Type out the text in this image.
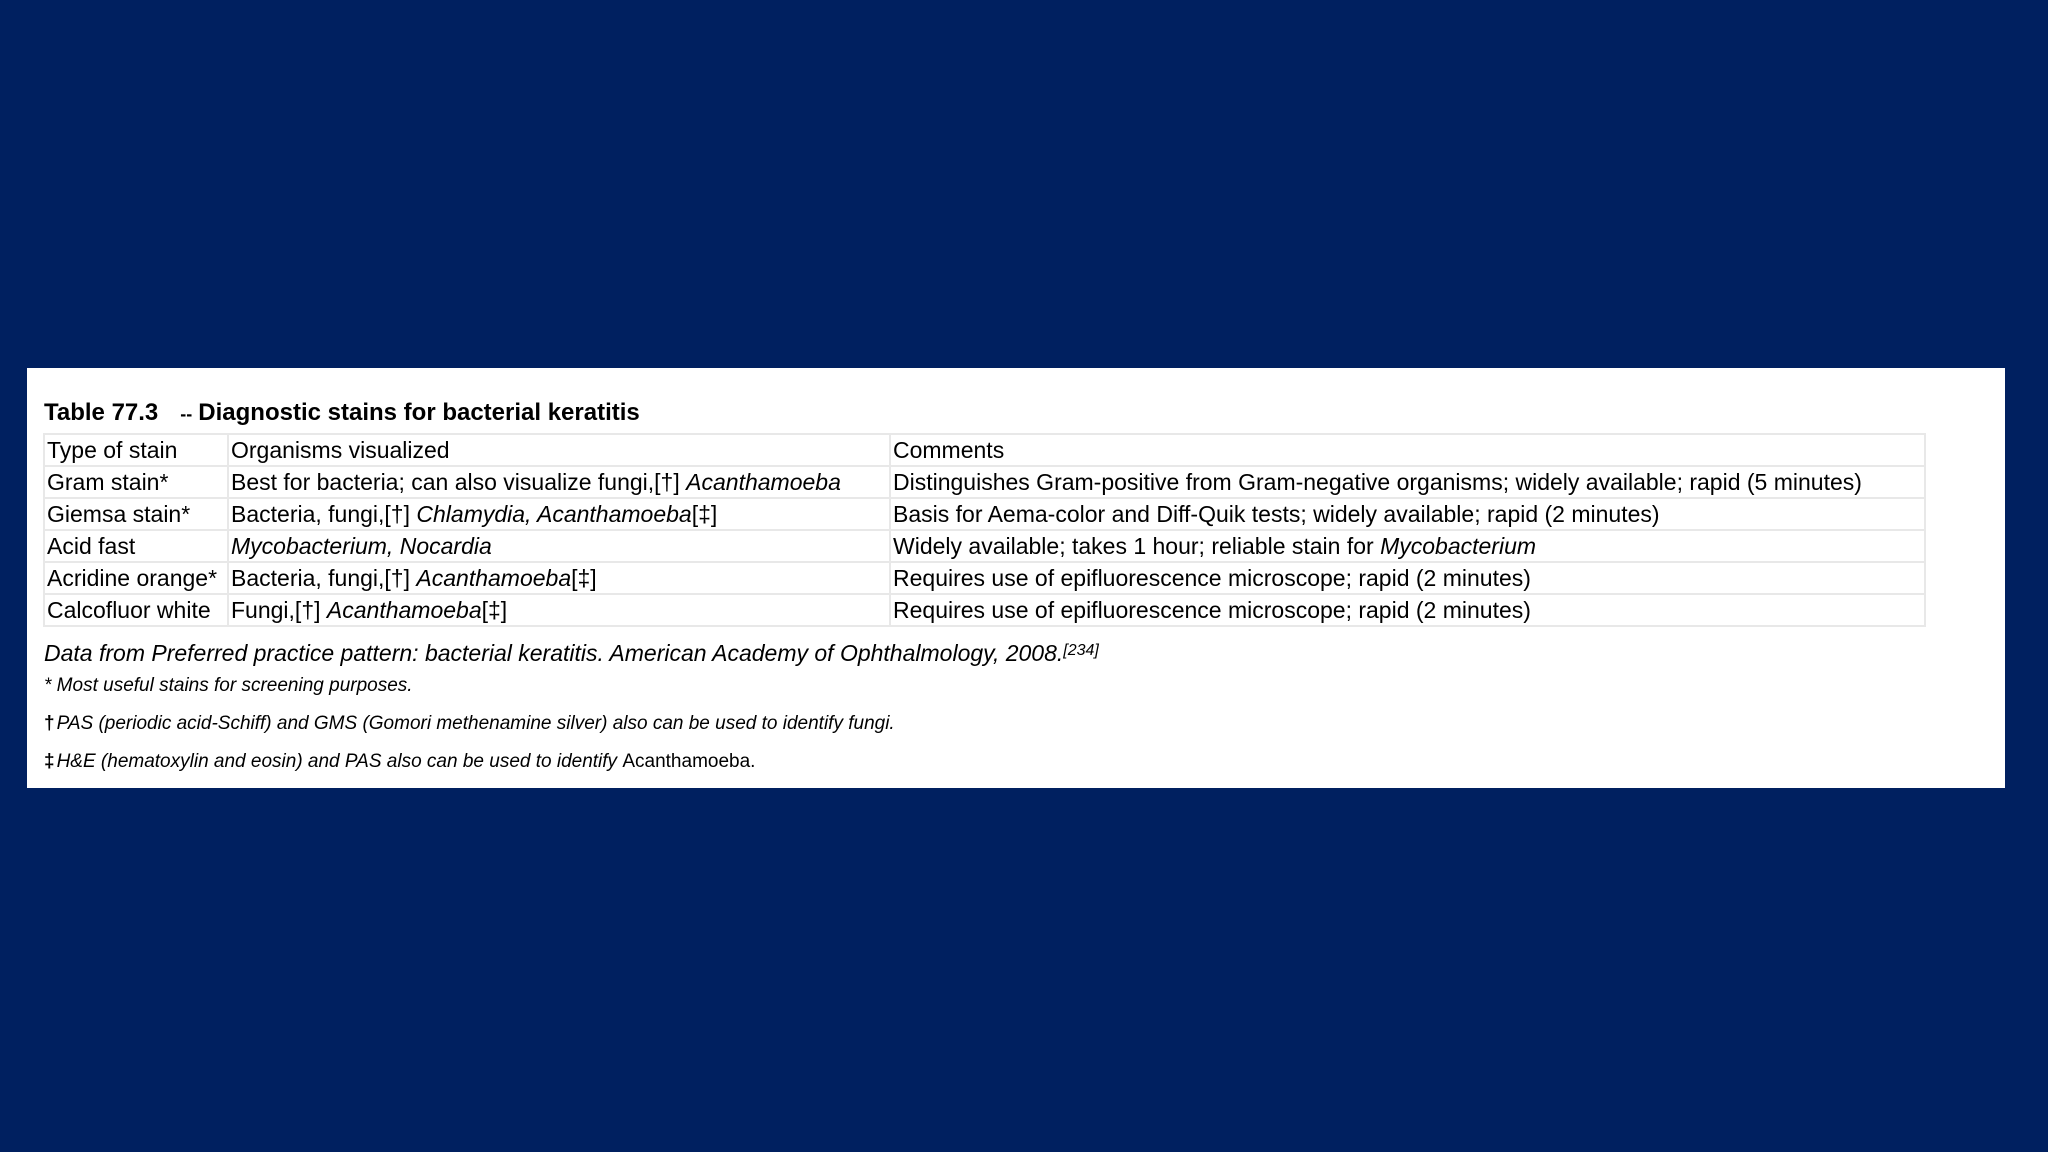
Table 77.3 -- Diagnostic stains for bacterial keratitis
Type of stain	Organisms visualized	Comments
Gram stain*	Best for bacteria; can also visualize fungi,[†] Acanthamoeba	Distinguishes Gram-positive from Gram-negative organisms; widely available; rapid (5 minutes)
Giemsa stain*	Bacteria, fungi,[†] Chlamydia, Acanthamoeba[‡]	Basis for Aema-color and Diff-Quik tests; widely available; rapid (2 minutes)
Acid fast	Mycobacterium, Nocardia	Widely available; takes 1 hour; reliable stain for Mycobacterium
Acridine orange*	Bacteria, fungi,[†] Acanthamoeba[‡]	Requires use of epifluorescence microscope; rapid (2 minutes)
Calcofluor white	Fungi,[†] Acanthamoeba[‡]	Requires use of epifluorescence microscope; rapid (2 minutes)

Data from Preferred practice pattern: bacterial keratitis. American Academy of Ophthalmology, 2008.[234]

* Most useful stains for screening purposes.

† PAS (periodic acid-Schiff) and GMS (Gomori methenamine silver) also can be used to identify fungi.

‡ H&E (hematoxylin and eosin) and PAS also can be used to identify Acanthamoeba.
